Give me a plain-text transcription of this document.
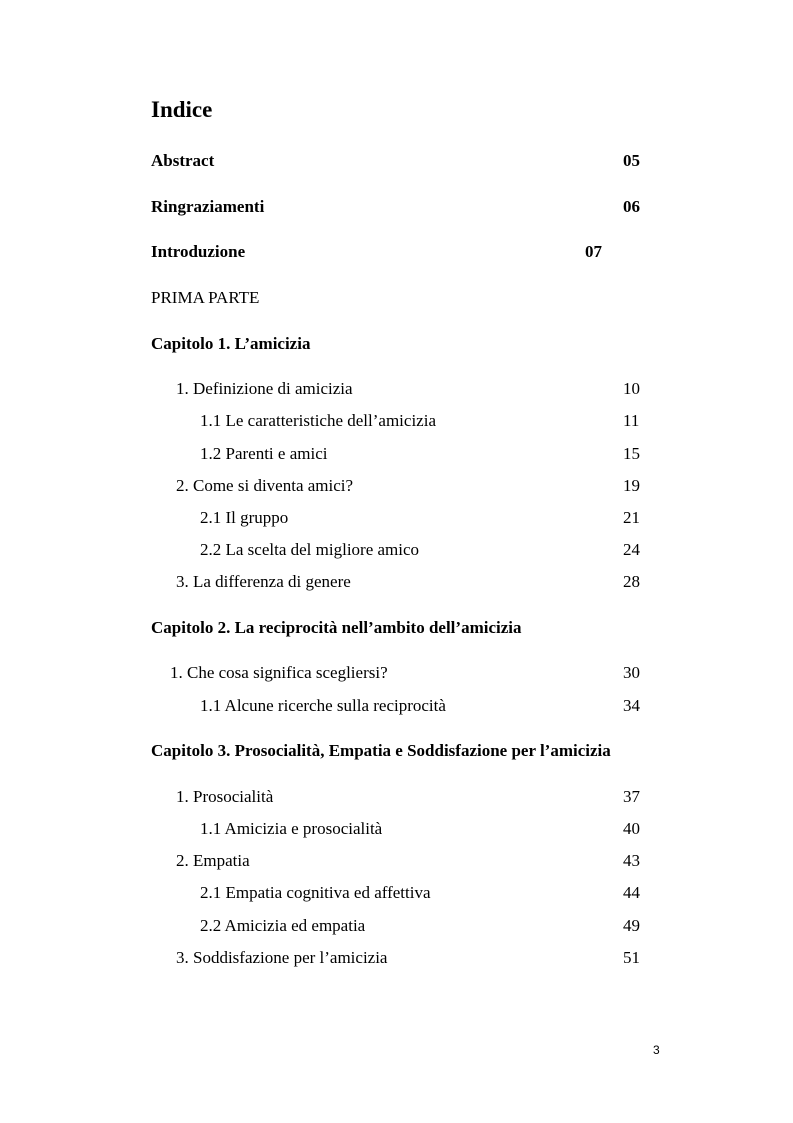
Indice
Abstract	05
Ringraziamenti	06
Introduzione	07
PRIMA PARTE
Capitolo 1. L’amicizia
1. Definizione di amicizia	10
1.1 Le caratteristiche dell’amicizia	11
1.2 Parenti e amici	15
2. Come si diventa amici?	19
2.1 Il gruppo	21
2.2 La scelta del migliore amico	24
3. La differenza di genere	28
Capitolo 2. La reciprocità nell’ambito dell’amicizia
1. Che cosa significa scegliersi?	30
1.1 Alcune ricerche sulla reciprocità	34
Capitolo 3. Prosocialità, Empatia e Soddisfazione per l’amicizia
1. Prosocialità	37
1.1 Amicizia e prosocialità	40
2. Empatia	43
2.1 Empatia cognitiva ed affettiva	44
2.2 Amicizia ed empatia	49
3. Soddisfazione per l’amicizia	51
3
